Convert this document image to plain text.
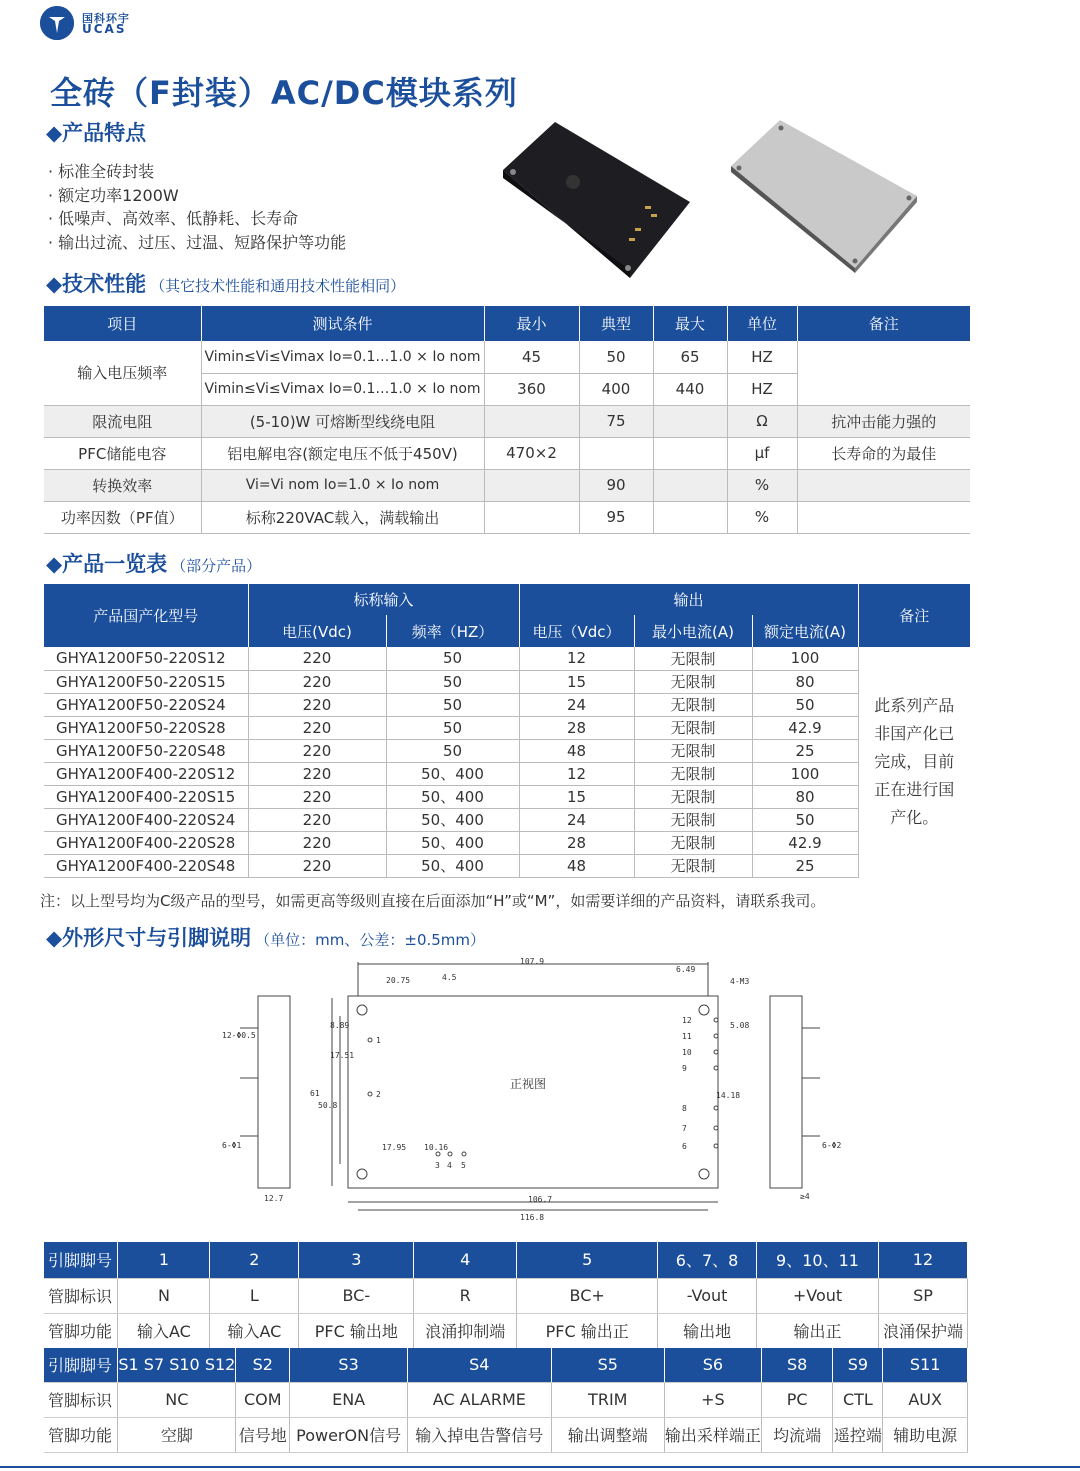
国科环宇
UCAS
全砖（F封装）AC/DC模块系列
◆产品特点
· 标准全砖封装
· 额定功率1200W
· 低噪声、高效率、低静耗、长寿命
· 输出过流、过压、过温、短路保护等功能
◆技术性能 （其它技术性能和通用技术性能相同）
项目	测试条件	最小	典型	最大	单位	备注
输入电压频率	Vimin≤Vi≤Vimax Io=0.1…1.0 × Io nom	45	50	65	HZ	
	Vimin≤Vi≤Vimax Io=0.1…1.0 × Io nom	360	400	440	HZ	
限流电阻	(5-10)W 可熔断型线绕电阻		75		Ω	抗冲击能力强的
PFC储能电容	铝电解电容(额定电压不低于450V)	470×2			μf	长寿命的为最佳
转换效率	Vi=Vi nom Io=1.0 × Io nom		90		%	
功率因数（PF值）	标称220VAC载入，满载输出		95		%	
◆产品一览表 （部分产品）
产品国产化型号	标称输入		输出			备注
	电压(Vdc)	频率（HZ）	电压（Vdc）	最小电流(A)	额定电流(A)	
GHYA1200F50-220S12	220	50	12	无限制	100	此系列产品非国产化已完成，目前正在进行国产化。
GHYA1200F50-220S15	220	50	15	无限制	80	
GHYA1200F50-220S24	220	50	24	无限制	50	
GHYA1200F50-220S28	220	50	28	无限制	42.9	
GHYA1200F50-220S48	220	50	48	无限制	25	
GHYA1200F400-220S12	220	50、400	12	无限制	100	
GHYA1200F400-220S15	220	50、400	15	无限制	80	
GHYA1200F400-220S24	220	50、400	24	无限制	50	
GHYA1200F400-220S28	220	50、400	28	无限制	42.9	
GHYA1200F400-220S48	220	50、400	48	无限制	25	
注：以上型号均为C级产品的型号，如需更高等级则直接在后面添加“H”或“M”，如需要详细的产品资料，请联系我司。
◆外形尺寸与引脚说明 （单位：mm、公差：±0.5mm）
正视图
107.9
106.7
116.8
20.75	4.5
6.49
4-M3
17.95 10.16
61
50.8
12-Φ0.5
6-Φ1	6-Φ2
12.7	≥4
5.08
14.18
17.51
8.89
12
11
10
9
8
7
6
3 4 5
1
2
引脚脚号	1	2	3	4	5	6、7、8	9、10、11	12
管脚标识	N	L	BC-	R	BC+	-Vout	+Vout	SP
管脚功能	输入AC	输入AC	PFC 输出地	浪涌抑制端	PFC 输出正	输出地	输出正	浪涌保护端
引脚脚号	S1 S7 S10 S12	S2	S3	S4	S5	S6	S8	S9	S11
管脚标识	NC	COM	ENA	AC ALARME	TRIM	+S	PC	CTL	AUX
管脚功能	空脚	信号地	PowerON信号	输入掉电告警信号	输出调整端	输出采样端正	均流端	遥控端	辅助电源
